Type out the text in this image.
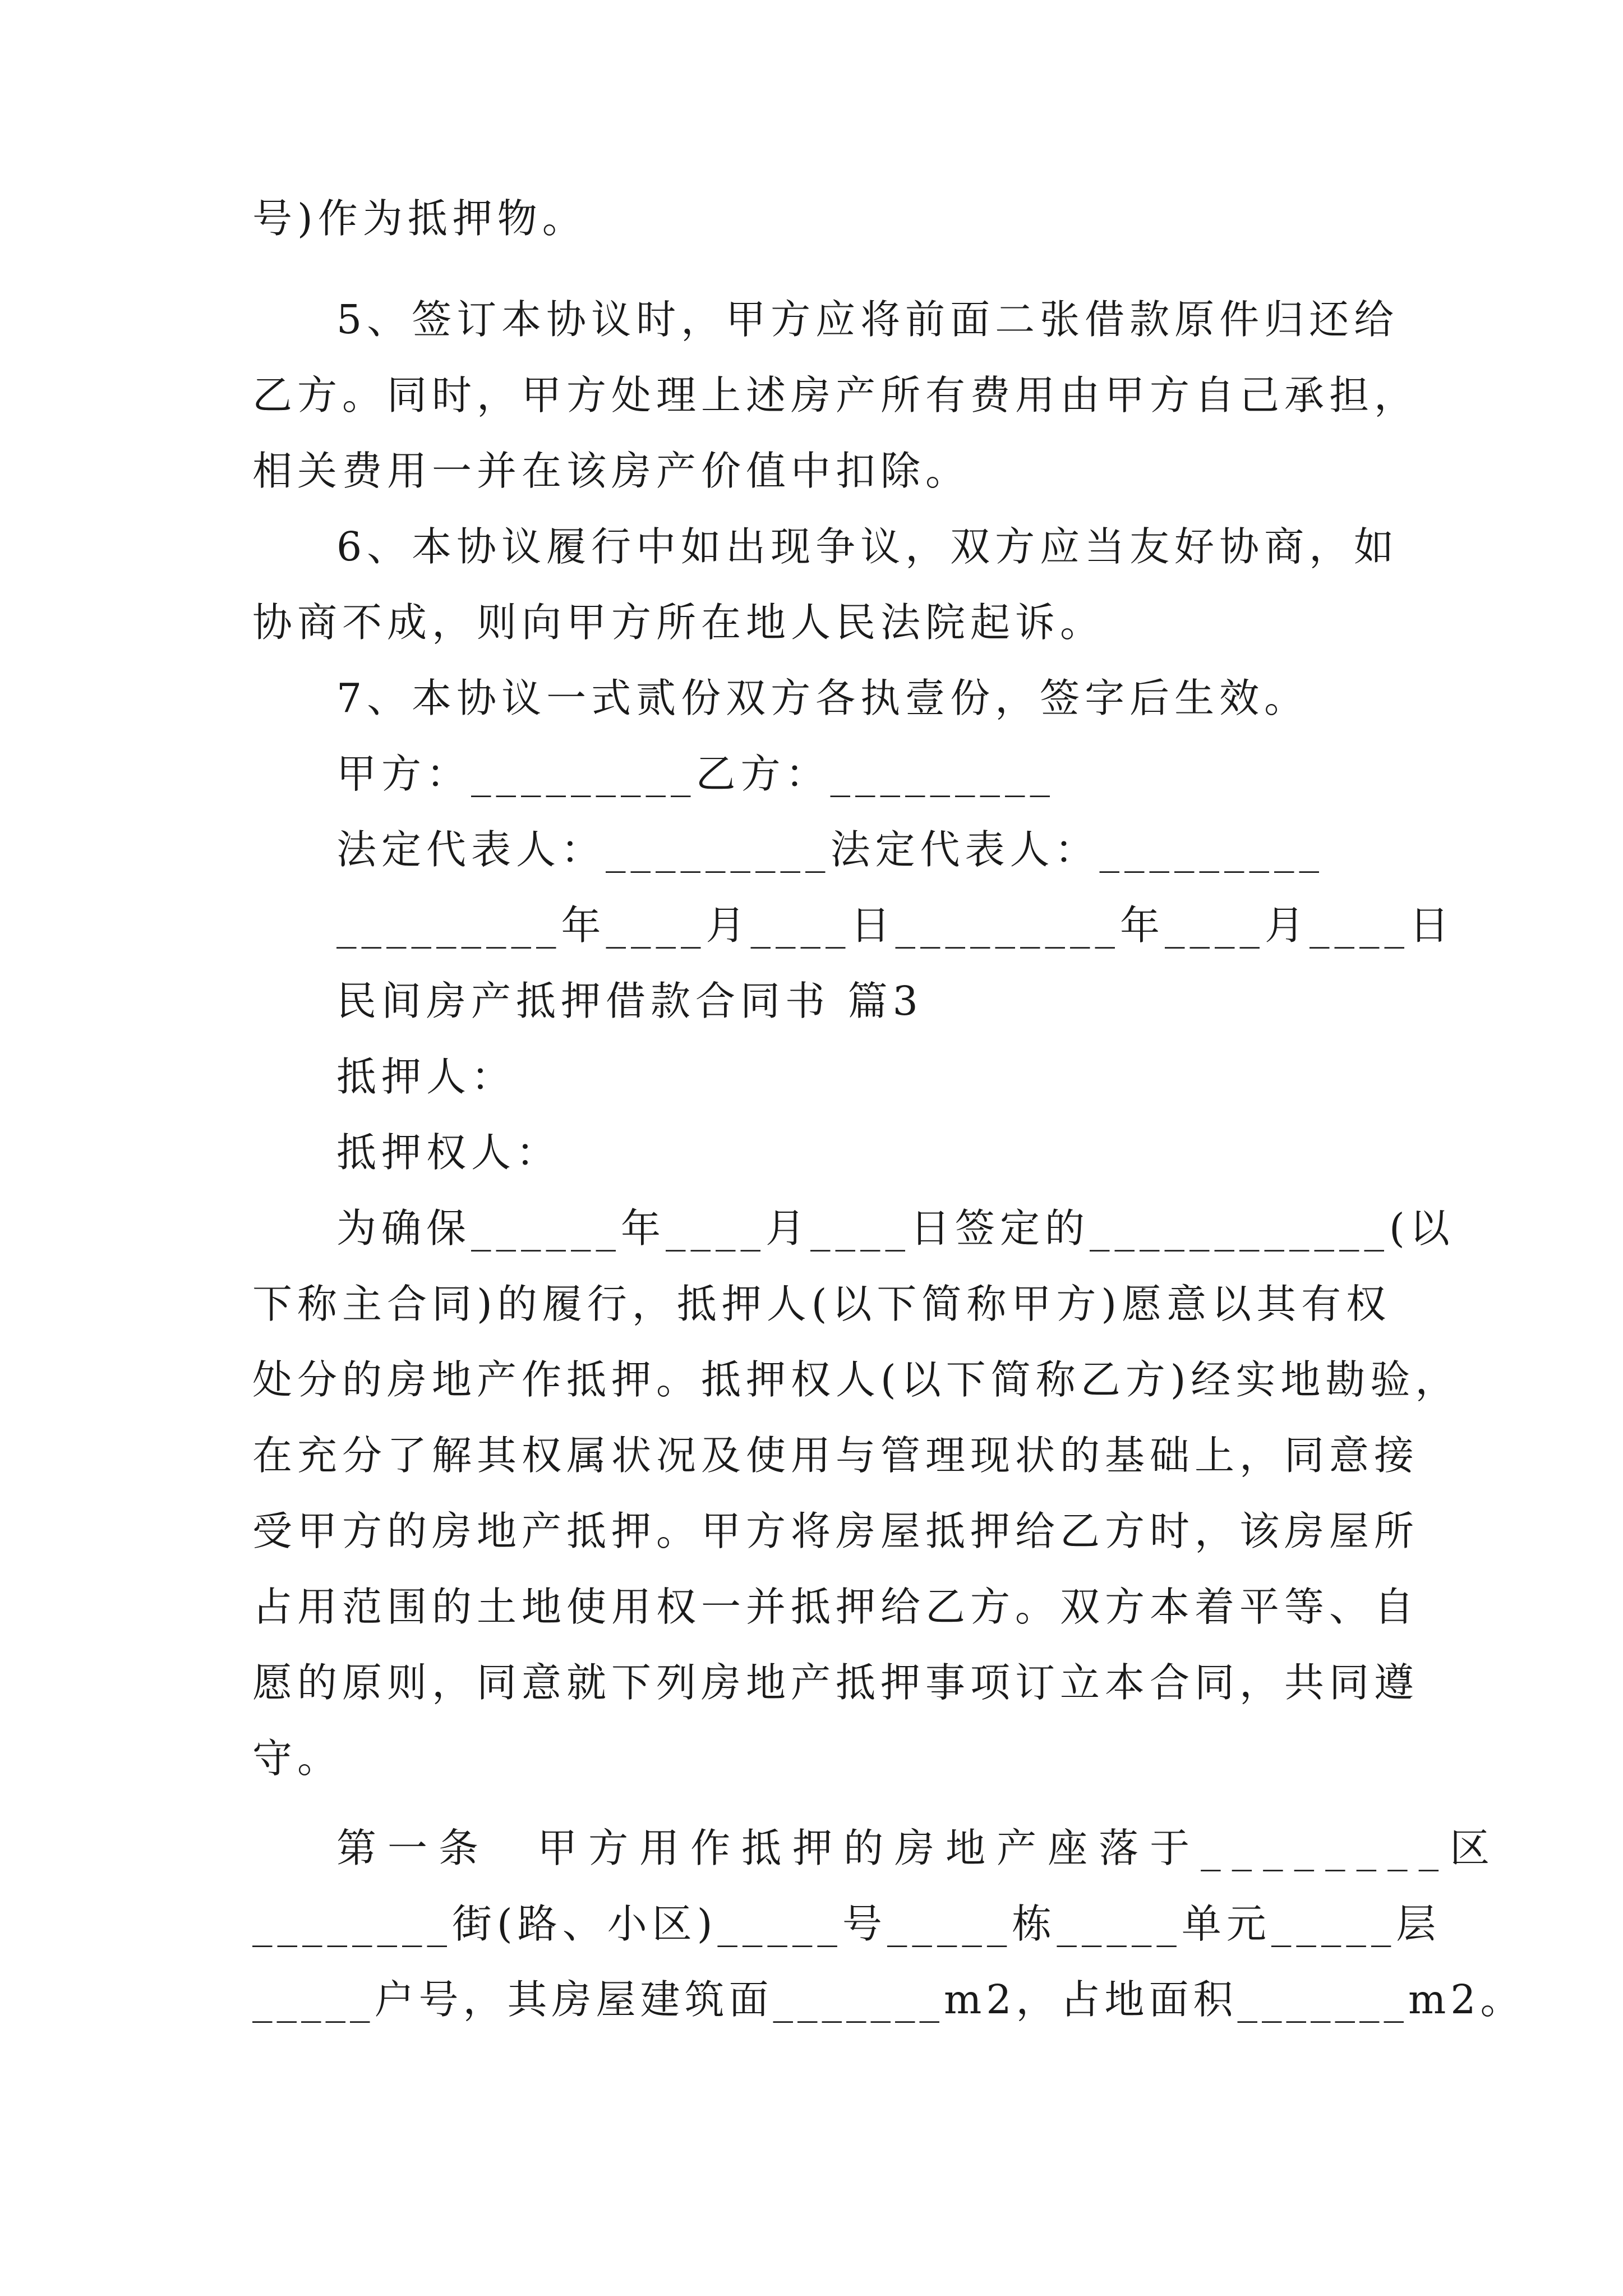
号)作为抵押物。
5、签订本协议时，甲方应将前面二张借款原件归还给
乙方。同时，甲方处理上述房产所有费用由甲方自己承担，
相关费用一并在该房产价值中扣除。
6、本协议履行中如出现争议，双方应当友好协商，如
协商不成，则向甲方所在地人民法院起诉。
7、本协议一式贰份双方各执壹份，签字后生效。
甲方：_________乙方：_________
法定代表人：_________法定代表人：_________
_________年____月____日_________年____月____日
民间房产抵押借款合同书 篇3
抵押人：
抵押权人：
为确保______年____月____日签定的____________(以
下称主合同)的履行，抵押人(以下简称甲方)愿意以其有权
处分的房地产作抵押。抵押权人(以下简称乙方)经实地勘验，
在充分了解其权属状况及使用与管理现状的基础上，同意接
受甲方的房地产抵押。甲方将房屋抵押给乙方时，该房屋所
占用范围的土地使用权一并抵押给乙方。双方本着平等、自
愿的原则，同意就下列房地产抵押事项订立本合同，共同遵
守。
第一条  甲方用作抵押的房地产座落于________区
________街(路、小区)_____号_____栋_____单元_____层
_____户号，其房屋建筑面_______m2，占地面积_______m2。
